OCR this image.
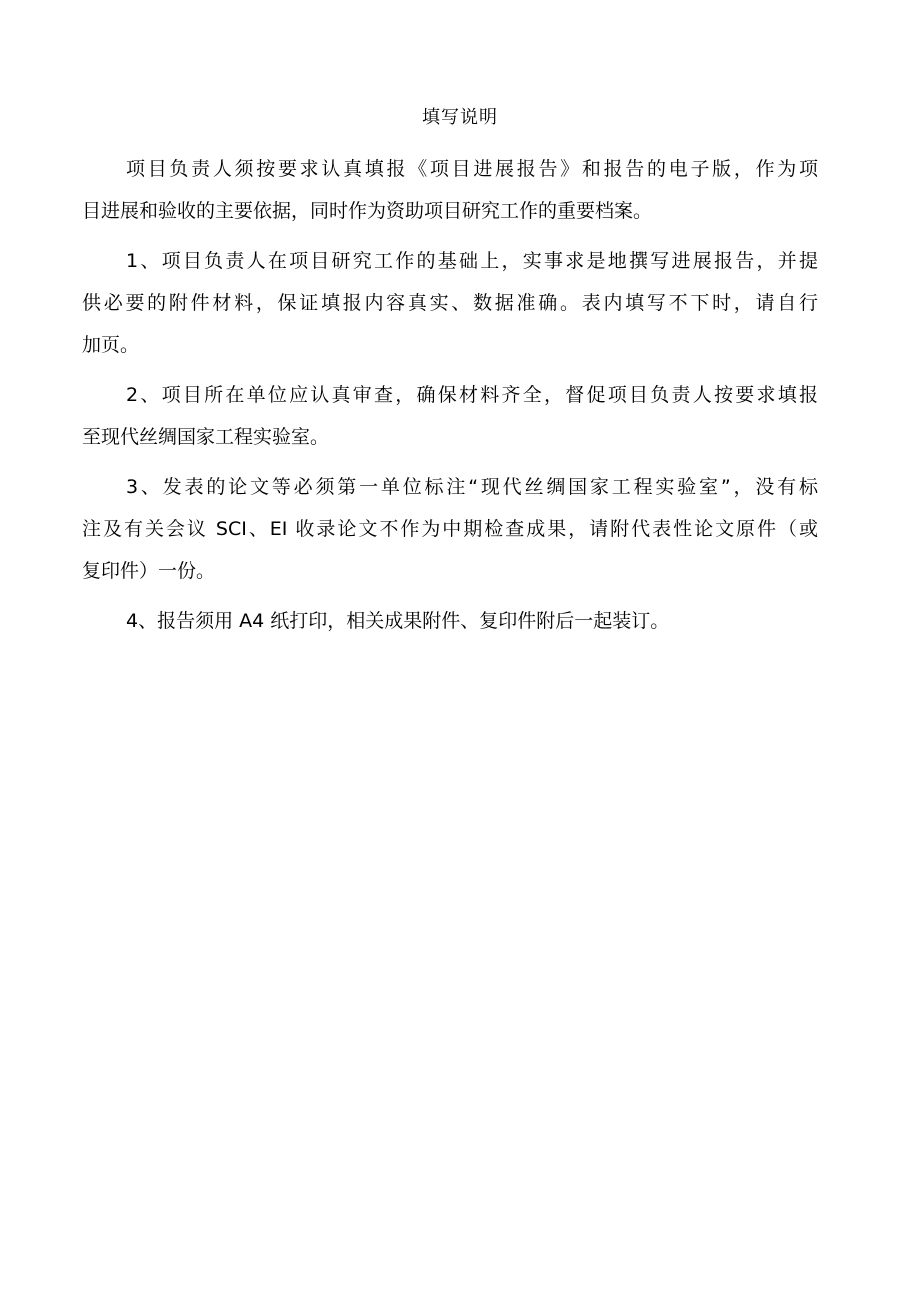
填写说明
项目负责人须按要求认真填报《项目进展报告》和报告的电子版，作为项
目进展和验收的主要依据，同时作为资助项目研究工作的重要档案。
1、项目负责人在项目研究工作的基础上，实事求是地撰写进展报告，并提
供必要的附件材料，保证填报内容真实、数据准确。表内填写不下时，请自行
加页。
2、项目所在单位应认真审查，确保材料齐全，督促项目负责人按要求填报
至现代丝绸国家工程实验室。
3、发表的论文等必须第一单位标注“现代丝绸国家工程实验室”，没有标
注及有关会议 SCI、EI 收录论文不作为中期检查成果，请附代表性论文原件（或
复印件）一份。
4、报告须用 A4 纸打印，相关成果附件、复印件附后一起装订。
